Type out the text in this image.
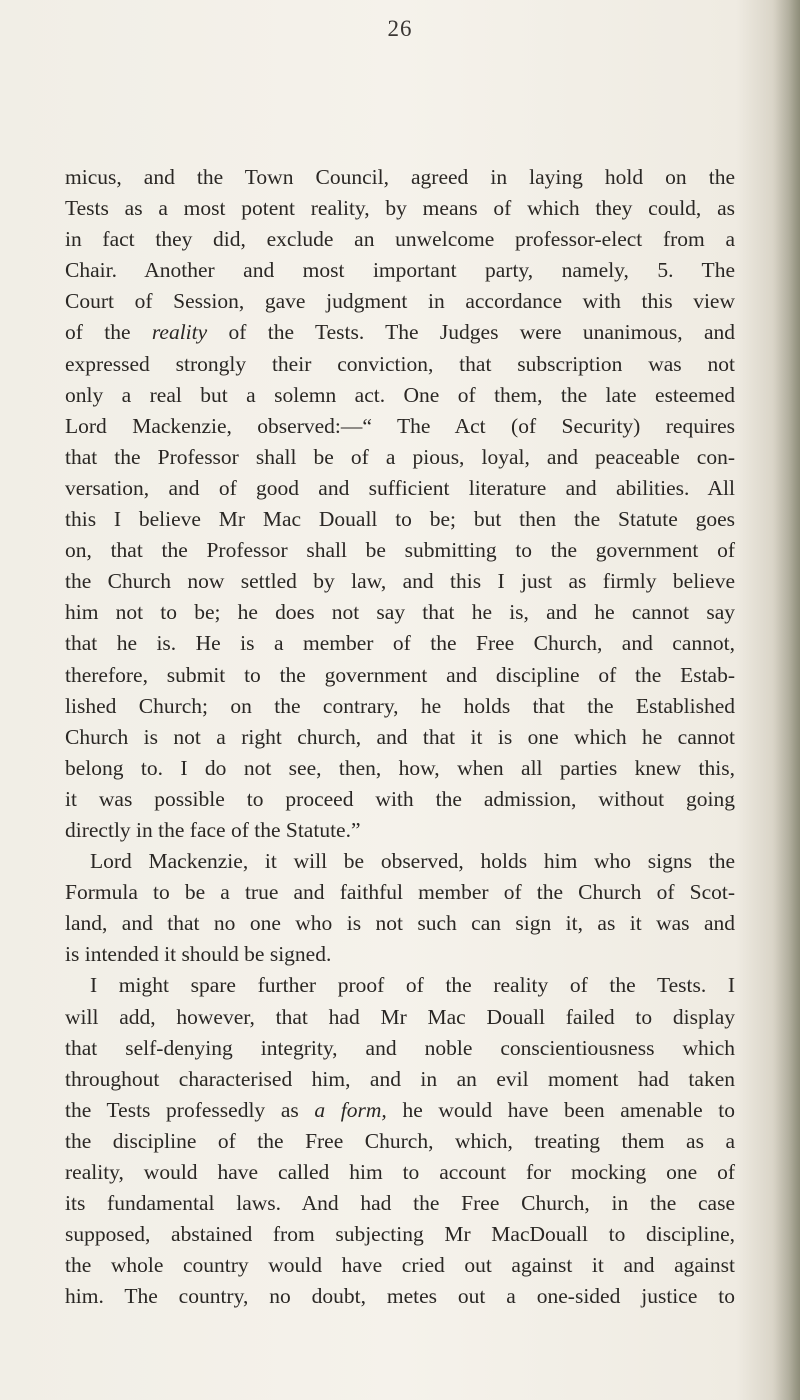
26
micus, and the Town Council, agreed in laying hold on the
Tests as a most potent reality, by means of which they could, as
in fact they did, exclude an unwelcome professor-elect from a
Chair. Another and most important party, namely, 5. The
Court of Session, gave judgment in accordance with this view
of the reality of the Tests. The Judges were unanimous, and
expressed strongly their conviction, that subscription was not
only a real but a solemn act. One of them, the late esteemed
Lord Mackenzie, observed:—“ The Act (of Security) requires
that the Professor shall be of a pious, loyal, and peaceable con-
versation, and of good and sufficient literature and abilities. All
this I believe Mr Mac Douall to be; but then the Statute goes
on, that the Professor shall be submitting to the government of
the Church now settled by law, and this I just as firmly believe
him not to be; he does not say that he is, and he cannot say
that he is. He is a member of the Free Church, and cannot,
therefore, submit to the government and discipline of the Estab-
lished Church; on the contrary, he holds that the Established
Church is not a right church, and that it is one which he cannot
belong to. I do not see, then, how, when all parties knew this,
it was possible to proceed with the admission, without going
directly in the face of the Statute.”
Lord Mackenzie, it will be observed, holds him who signs the
Formula to be a true and faithful member of the Church of Scot-
land, and that no one who is not such can sign it, as it was and
is intended it should be signed.
I might spare further proof of the reality of the Tests. I
will add, however, that had Mr Mac Douall failed to display
that self-denying integrity, and noble conscientiousness which
throughout characterised him, and in an evil moment had taken
the Tests professedly as a form, he would have been amenable to
the discipline of the Free Church, which, treating them as a
reality, would have called him to account for mocking one of
its fundamental laws. And had the Free Church, in the case
supposed, abstained from subjecting Mr MacDouall to discipline,
the whole country would have cried out against it and against
him. The country, no doubt, metes out a one-sided justice to
